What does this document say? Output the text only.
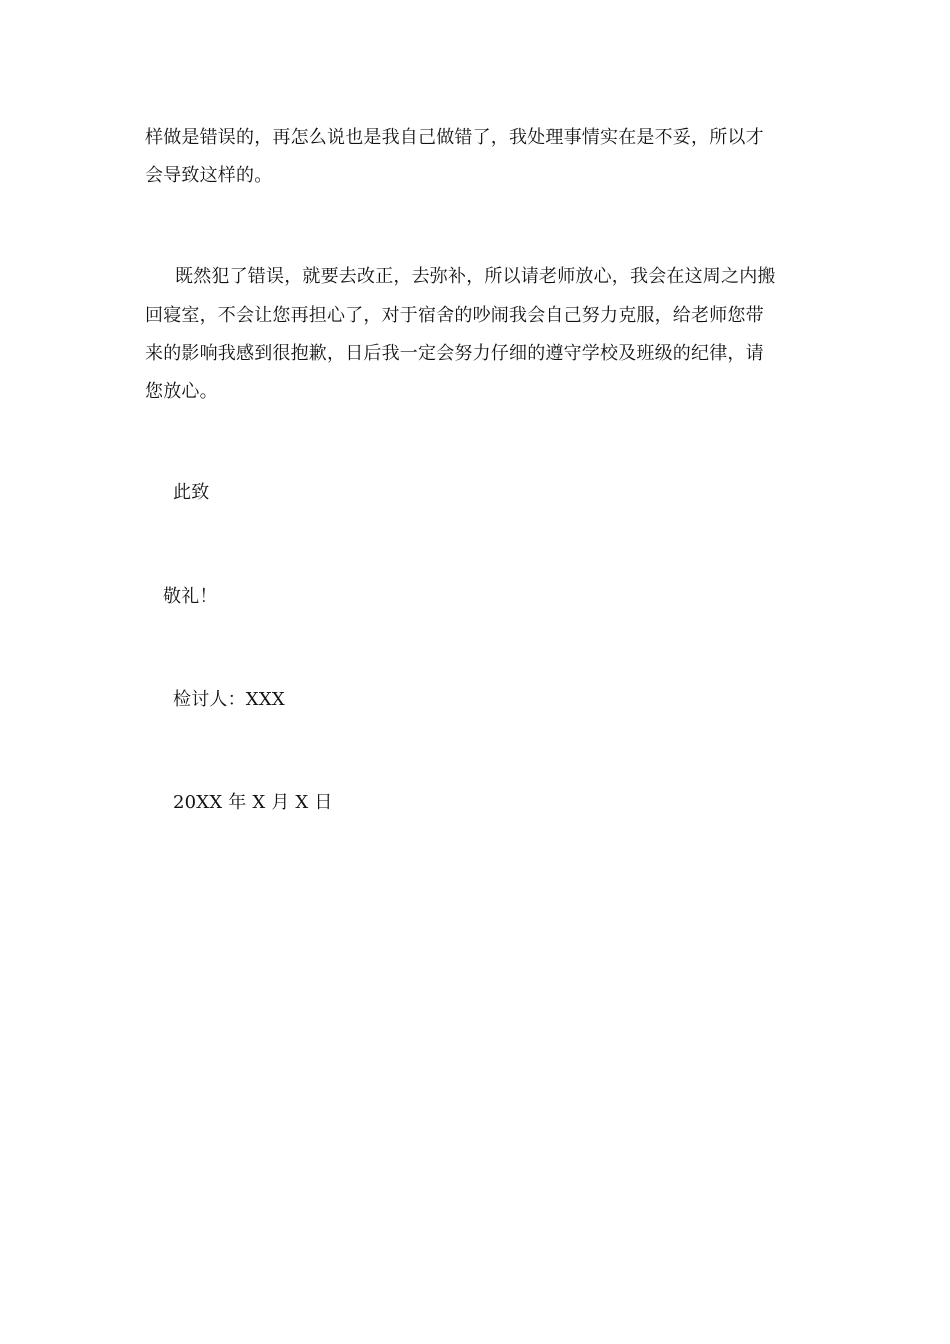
样做是错误的，再怎么说也是我自己做错了，我处理事情实在是不妥，所以才
会导致这样的。
既然犯了错误，就要去改正，去弥补，所以请老师放心，我会在这周之内搬
回寝室，不会让您再担心了，对于宿舍的吵闹我会自己努力克服，给老师您带
来的影响我感到很抱歉，日后我一定会努力仔细的遵守学校及班级的纪律，请
您放心。
此致
敬礼！
检讨人：XXX
20XX 年 X 月 X 日
